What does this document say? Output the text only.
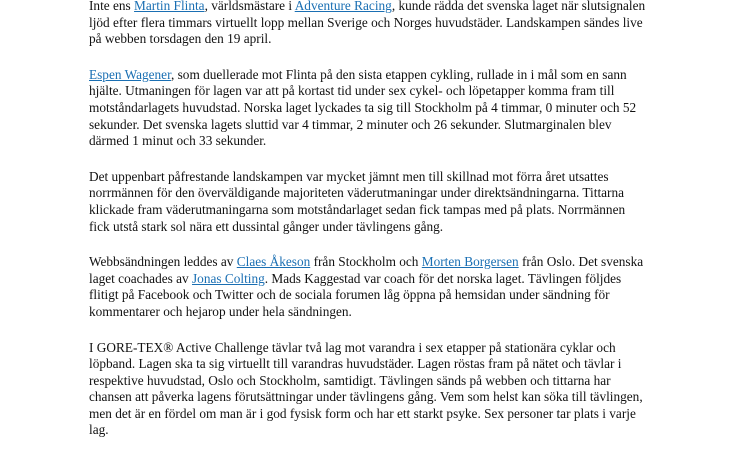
Inte ens Martin Flinta, världsmästare i Adventure Racing, kunde rädda det svenska laget när slutsignalen ljöd efter flera timmars virtuellt lopp mellan Sverige och Norges huvudstäder. Landskampen sändes live på webben torsdagen den 19 april.

Espen Wagener, som duellerade mot Flinta på den sista etappen cykling, rullade in i mål som en sann hjälte. Utmaningen för lagen var att på kortast tid under sex cykel- och löpetapper komma fram till motståndarlagets huvudstad. Norska laget lyckades ta sig till Stockholm på 4 timmar, 0 minuter och 52 sekunder. Det svenska lagets sluttid var 4 timmar, 2 minuter och 26 sekunder. Slutmarginalen blev därmed 1 minut och 33 sekunder.

Det uppenbart påfrestande landskampen var mycket jämnt men till skillnad mot förra året utsattes norrmännen för den överväldigande majoriteten väderutmaningar under direktsändningarna. Tittarna klickade fram väderutmaningarna som motståndarlaget sedan fick tampas med på plats. Norrmännen fick utstå stark sol nära ett dussintal gånger under tävlingens gång.

Webbsändningen leddes av Claes Åkeson från Stockholm och Morten Borgersen från Oslo. Det svenska laget coachades av Jonas Colting. Mads Kaggestad var coach för det norska laget. Tävlingen följdes flitigt på Facebook och Twitter och de sociala forumen låg öppna på hemsidan under sändning för kommentarer och hejarop under hela sändningen.

I GORE-TEX® Active Challenge tävlar två lag mot varandra i sex etapper på stationära cyklar och löpband. Lagen ska ta sig virtuellt till varandras huvudstäder. Lagen röstas fram på nätet och tävlar i respektive huvudstad, Oslo och Stockholm, samtidigt. Tävlingen sänds på webben och tittarna har chansen att påverka lagens förutsättningar under tävlingens gång. Vem som helst kan söka till tävlingen, men det är en fördel om man är i god fysisk form och har ett starkt psyke. Sex personer tar plats i varje lag.
